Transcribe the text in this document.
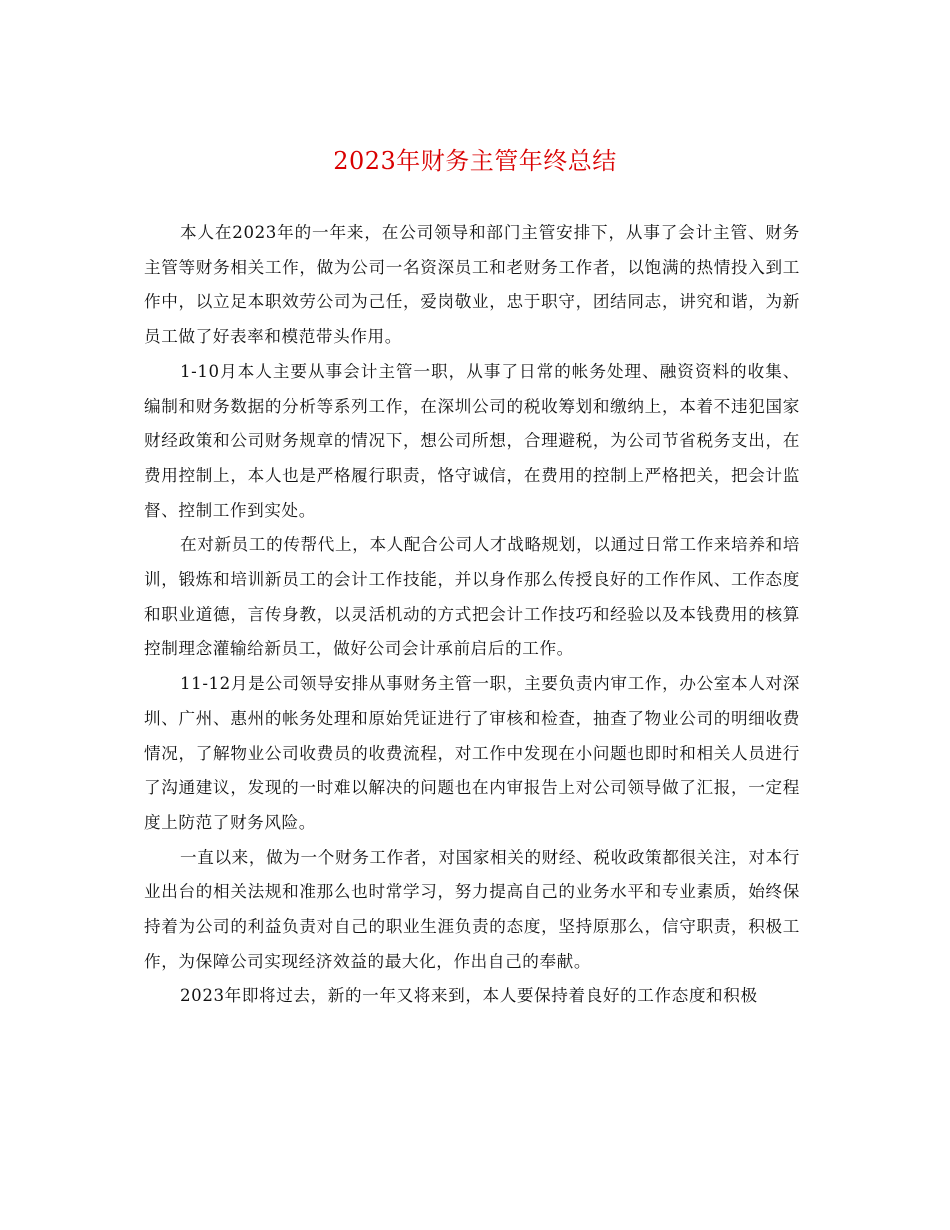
2023年财务主管年终总结

本人在2023年的一年来，在公司领导和部门主管安排下，从事了会计主管、财务主管等财务相关工作，做为公司一名资深员工和老财务工作者，以饱满的热情投入到工作中，以立足本职效劳公司为己任，爱岗敬业，忠于职守，团结同志，讲究和谐，为新员工做了好表率和模范带头作用。

1-10月本人主要从事会计主管一职，从事了日常的帐务处理、融资资料的收集、编制和财务数据的分析等系列工作，在深圳公司的税收筹划和缴纳上，本着不违犯国家财经政策和公司财务规章的情况下，想公司所想，合理避税，为公司节省税务支出，在费用控制上，本人也是严格履行职责，恪守诚信，在费用的控制上严格把关，把会计监督、控制工作到实处。

在对新员工的传帮代上，本人配合公司人才战略规划，以通过日常工作来培养和培训，锻炼和培训新员工的会计工作技能，并以身作那么传授良好的工作作风、工作态度和职业道德，言传身教，以灵活机动的方式把会计工作技巧和经验以及本钱费用的核算控制理念灌输给新员工，做好公司会计承前启后的工作。

11-12月是公司领导安排从事财务主管一职，主要负责内审工作，办公室本人对深圳、广州、惠州的帐务处理和原始凭证进行了审核和检查，抽查了物业公司的明细收费情况，了解物业公司收费员的收费流程，对工作中发现在小问题也即时和相关人员进行了沟通建议，发现的一时难以解决的问题也在内审报告上对公司领导做了汇报，一定程度上防范了财务风险。

一直以来，做为一个财务工作者，对国家相关的财经、税收政策都很关注，对本行业出台的相关法规和准那么也时常学习，努力提高自己的业务水平和专业素质，始终保持着为公司的利益负责对自己的职业生涯负责的态度，坚持原那么，信守职责，积极工作，为保障公司实现经济效益的最大化，作出自己的奉献。

2023年即将过去，新的一年又将来到，本人要保持着良好的工作态度和积极
